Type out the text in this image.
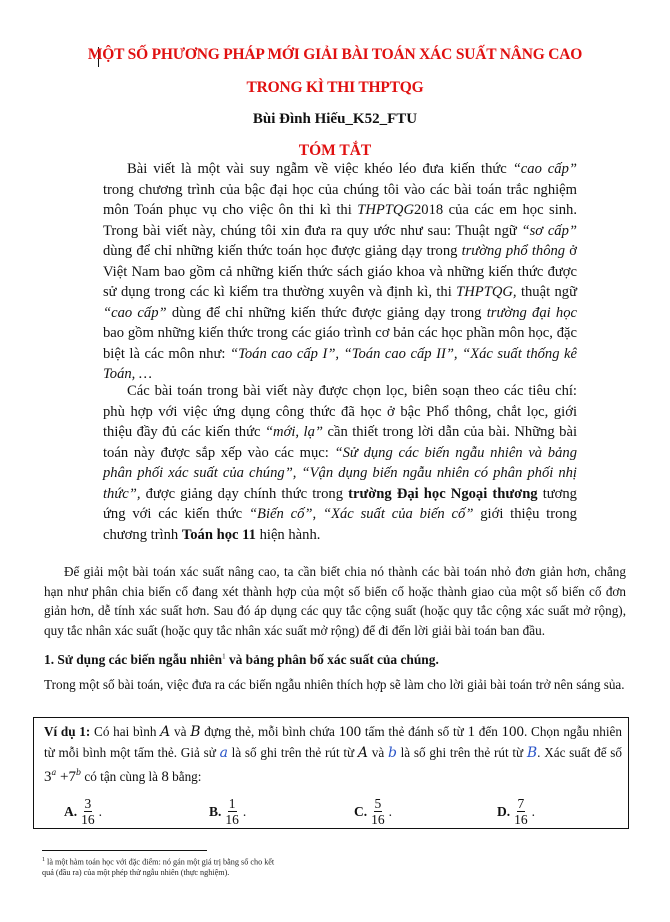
MỘT SỐ PHƯƠNG PHÁP MỚI GIẢI BÀI TOÁN XÁC SUẤT NÂNG CAO
TRONG KÌ THI THPTQG
Bùi Đình Hiếu_K52_FTU
TÓM TẮT

Bài viết là một vài suy ngẫm về việc khéo léo đưa kiến thức “cao cấp” trong chương trình của bậc đại học của chúng tôi vào các bài toán trắc nghiệm môn Toán phục vụ cho việc ôn thi kì thi THPTQG2018 của các em học sinh. Trong bài viết này, chúng tôi xin đưa ra quy ước như sau: Thuật ngữ “sơ cấp” dùng để chỉ những kiến thức toán học được giảng dạy trong trường phổ thông ở Việt Nam bao gồm cả những kiến thức sách giáo khoa và những kiến thức được sử dụng trong các kì kiểm tra thường xuyên và định kì, thi THPTQG, thuật ngữ “cao cấp” dùng để chỉ những kiến thức được giảng dạy trong trường đại học bao gồm những kiến thức trong các giáo trình cơ bản các học phần môn học, đặc biệt là các môn như: “Toán cao cấp I”, “Toán cao cấp II”, “Xác suất thống kê Toán, …

Các bài toán trong bài viết này được chọn lọc, biên soạn theo các tiêu chí: phù hợp với việc ứng dụng công thức đã học ở bậc Phổ thông, chắt lọc, giới thiệu đầy đủ các kiến thức “mới, lạ” cần thiết trong lời dẫn của bài. Những bài toán này được sắp xếp vào các mục: “Sử dụng các biến ngẫu nhiên và bảng phân phối xác suất của chúng”, “Vận dụng biến ngẫu nhiên có phân phối nhị thức”, được giảng dạy chính thức trong trường Đại học Ngoại thương tương ứng với các kiến thức “Biến cố”, “Xác suất của biến cố” giới thiệu trong chương trình Toán học 11 hiện hành.

Để giải một bài toán xác suất nâng cao, ta cần biết chia nó thành các bài toán nhỏ đơn giản hơn, chẳng hạn như phân chia biến cố đang xét thành hợp của một số biến cố hoặc thành giao của một số biến cố đơn giản hơn, dễ tính xác suất hơn. Sau đó áp dụng các quy tắc cộng suất (hoặc quy tắc cộng xác suất mở rộng), quy tắc nhân xác suất (hoặc quy tắc nhân xác suất mở rộng) để đi đến lời giải bài toán ban đầu.

1. Sử dụng các biến ngẫu nhiên$^1$ và bảng phân bố xác suất của chúng.

Trong một số bài toán, việc đưa ra các biến ngẫu nhiên thích hợp sẽ làm cho lời giải bài toán trở nên sáng sủa.

Ví dụ 1: Có hai bình A và B đựng thẻ, mỗi bình chứa 100 tấm thẻ đánh số từ 1 đến 100. Chọn ngẫu nhiên từ mỗi bình một tấm thẻ. Giả sử a là số ghi trên thẻ rút từ A và b là số ghi trên thẻ rút từ B. Xác suất để số $3^a +7^b$ có tận cùng là 8 bằng:
A. $\frac{3}{16}$ .	B. $\frac{1}{16}$ .	C. $\frac{5}{16}$ .	D. $\frac{7}{16}$ .
$^1$ là một hàm toán học với đặc điểm: nó gán một giá trị bằng số cho kết quả (đầu ra) của một phép thử ngẫu nhiên (thực nghiệm).
